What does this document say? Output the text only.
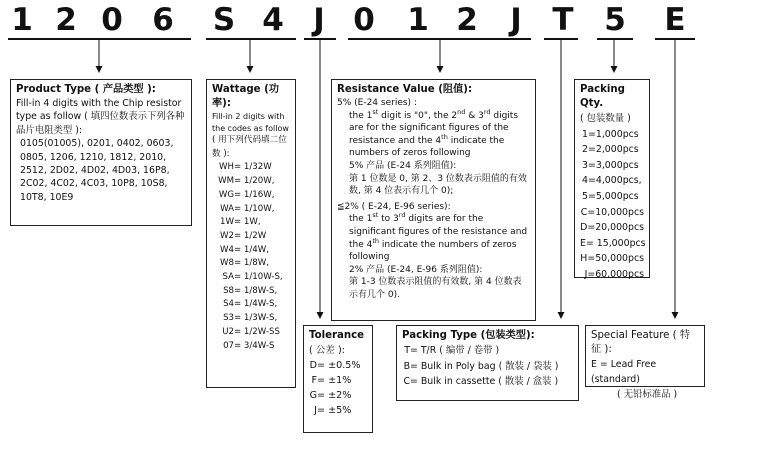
1 2 0 6 S 4 J 0 1 2 J T 5 E
Product Type ( 产品类型 ):
Fill-in 4 digits with the Chip resistor type as follow ( 填四位数表示下列各种晶片电阻类型 ):
0105(01005), 0201, 0402, 0603, 0805, 1206, 1210, 1812, 2010, 2512, 2D02, 4D02, 4D03, 16P8, 2C02, 4C02, 4C03, 10P8, 10S8, 10T8, 10E9
Wattage (功率):
Fill-in 2 digits with the codes as follow
( 用下列代码填二位数 ):
WH = 1/32W
WM = 1/20W,
WG = 1/16W,
WA = 1/10W,
1W = 1W,
W2 = 1/2W
W4 = 1/4W,
W8 = 1/8W,
SA = 1/10W-S,
S8 = 1/8W-S,
S4 = 1/4W-S,
S3 = 1/3W-S,
U2 = 1/2W-SS
07 = 3/4W-S
Resistance Value (阻值):
5% (E-24 series) :
the 1st digit is "0", the 2nd & 3rd digits are for the significant figures of the resistance and the 4th indicate the numbers of zeros following
5% 产品 (E-24 系列阻值):
第 1 位数是 0, 第 2、3 位数表示阻值的有效数, 第 4 位表示有几个 0);
≦2% ( E-24, E-96 series):
the 1st to 3rd digits are for the significant figures of the resistance and the 4th indicate the numbers of zeros following
2% 产品 (E-24, E-96 系列阻值):
第 1-3 位数表示阻值的有效数, 第 4 位数表示有几个 0).
Packing Qty.
( 包装数量 )
1 =1,000pcs
2 =2,000pcs
3 =3,000pcs
4 =4,000pcs,
5 =5,000pcs
C =10,000pcs
D =20,000pcs
E = 15,000pcs
H =50,000pcs
J =60,000pcs
Tolerance
( 公差 ):
D = ±0.5%
F = ±1%
G = ±2%
J = ±5%
Packing Type (包装类型):
T = T/R ( 编带 / 卷带 )
B = Bulk in Poly bag ( 散装 / 袋装 )
C = Bulk in cassette ( 散装 / 盒装 )
Special Feature ( 特征 ):
E = Lead Free (standard)
( 无铅标准品 )
